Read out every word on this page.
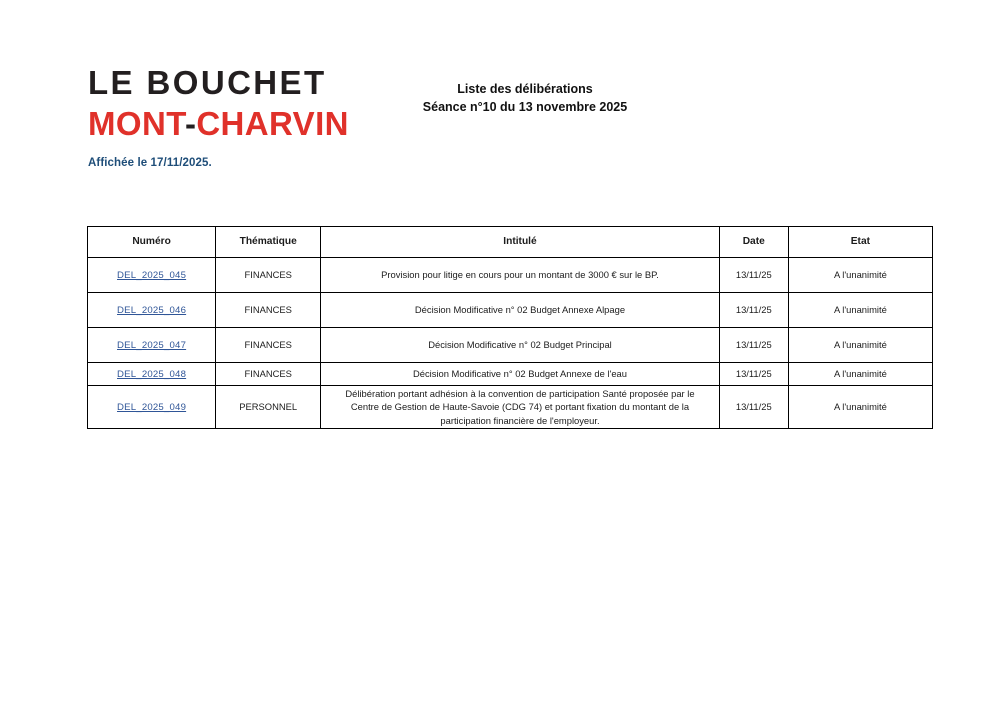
LE BOUCHET
MONT-CHARVIN
Affichée le 17/11/2025.
Liste des délibérations
Séance n°10 du 13 novembre 2025
Numéro	Thématique	Intitulé	Date	Etat
DEL_2025_045	FINANCES	Provision pour litige en cours pour un montant de 3000 € sur le BP.	13/11/25	A l'unanimité
DEL_2025_046	FINANCES	Décision Modificative n° 02 Budget Annexe Alpage	13/11/25	A l'unanimité
DEL_2025_047	FINANCES	Décision Modificative n° 02 Budget Principal	13/11/25	A l'unanimité
DEL_2025_048	FINANCES	Décision Modificative n° 02 Budget Annexe de l'eau	13/11/25	A l'unanimité
DEL_2025_049	PERSONNEL	Délibération portant adhésion à la convention de participation Santé proposée par le Centre de Gestion de Haute-Savoie (CDG 74) et portant fixation du montant de la participation financière de l'employeur.	13/11/25	A l'unanimité
